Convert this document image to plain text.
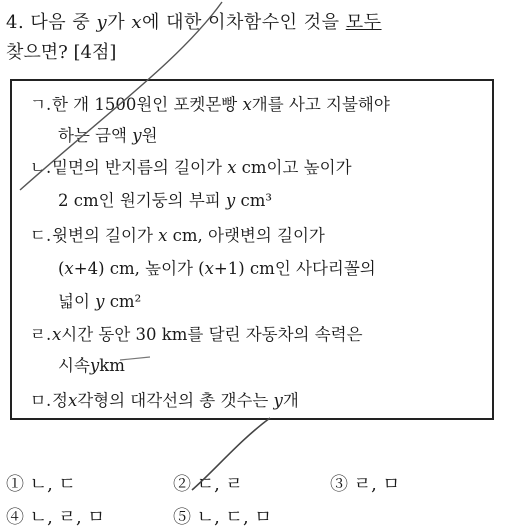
4. 다음 중 y가 x에 대한 이차함수인 것을 모두
찾으면? [4점]
ㄱ.한 개 1500원인 포켓몬빵 𝑥개를 사고 지불해야
하는 금액 𝑦원
ㄴ.밑면의 반지름의 길이가 𝑥 cm이고 높이가
2 cm인 원기둥의 부피 𝑦 cm³
ㄷ.윗변의 길이가 𝑥 cm, 아랫변의 길이가
(𝑥+4) cm, 높이가 (𝑥+1) cm인 사다리꼴의
넓이 𝑦 cm²
ㄹ.𝑥시간 동안 30 km를 달린 자동차의 속력은
시속𝑦km
ㅁ.정𝑥각형의 대각선의 총 갯수는 𝑦개
① ㄴ, ㄷ	② ㄷ, ㄹ	③ ㄹ, ㅁ
④ ㄴ, ㄹ, ㅁ	⑤ ㄴ, ㄷ, ㅁ
